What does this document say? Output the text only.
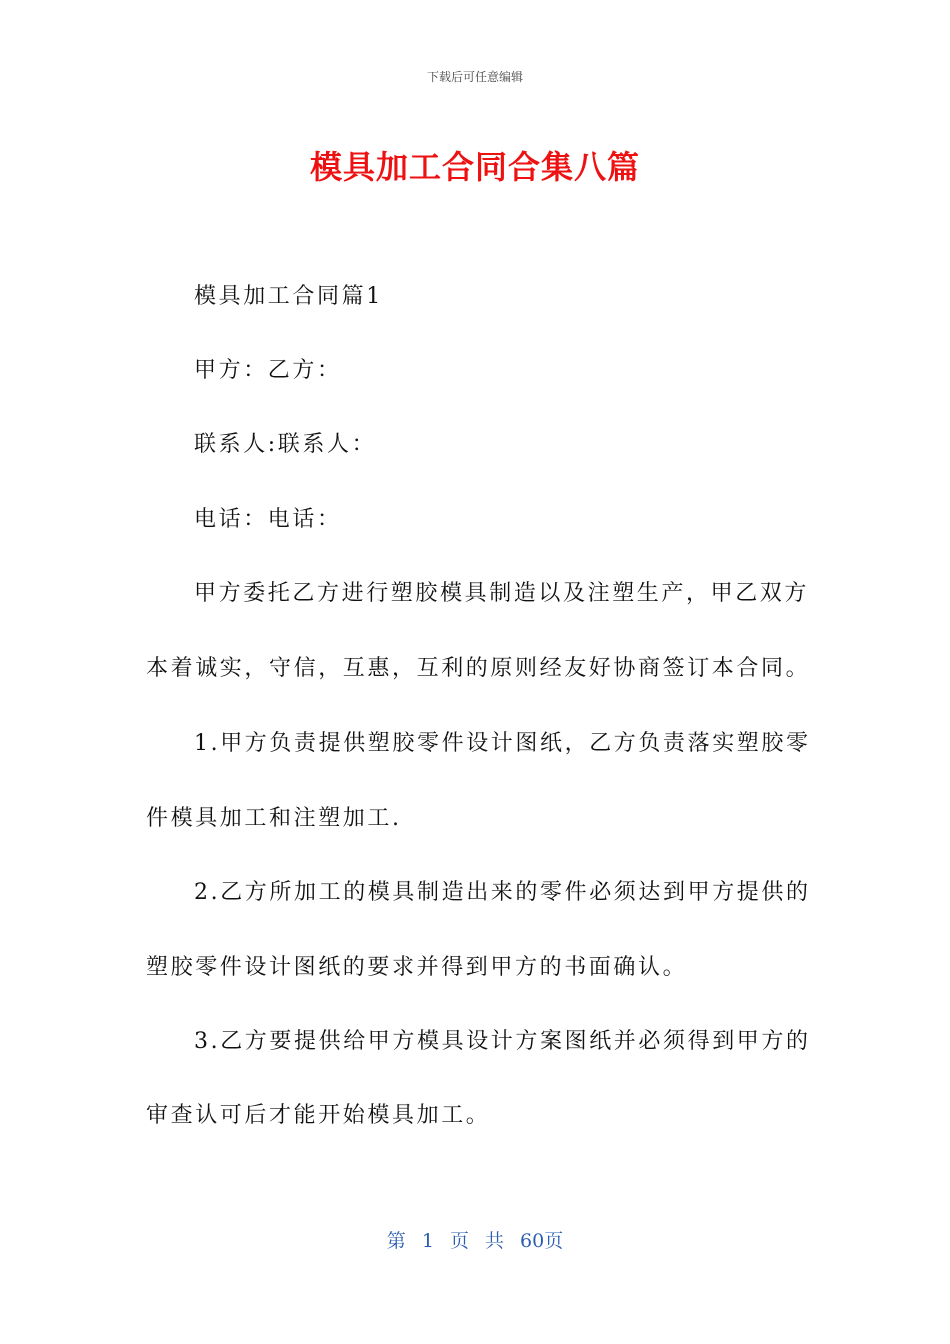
下载后可任意编辑
模具加工合同合集八篇
模具加工合同篇1
甲方：乙方：
联系人:联系人：
电话：电话：
甲方委托乙方进行塑胶模具制造以及注塑生产，甲乙双方
本着诚实，守信，互惠，互利的原则经友好协商签订本合同。
1.甲方负责提供塑胶零件设计图纸，乙方负责落实塑胶零
件模具加工和注塑加工.
2.乙方所加工的模具制造出来的零件必须达到甲方提供的
塑胶零件设计图纸的要求并得到甲方的书面确认。
3.乙方要提供给甲方模具设计方案图纸并必须得到甲方的
审查认可后才能开始模具加工。
第 1 页 共 60页
